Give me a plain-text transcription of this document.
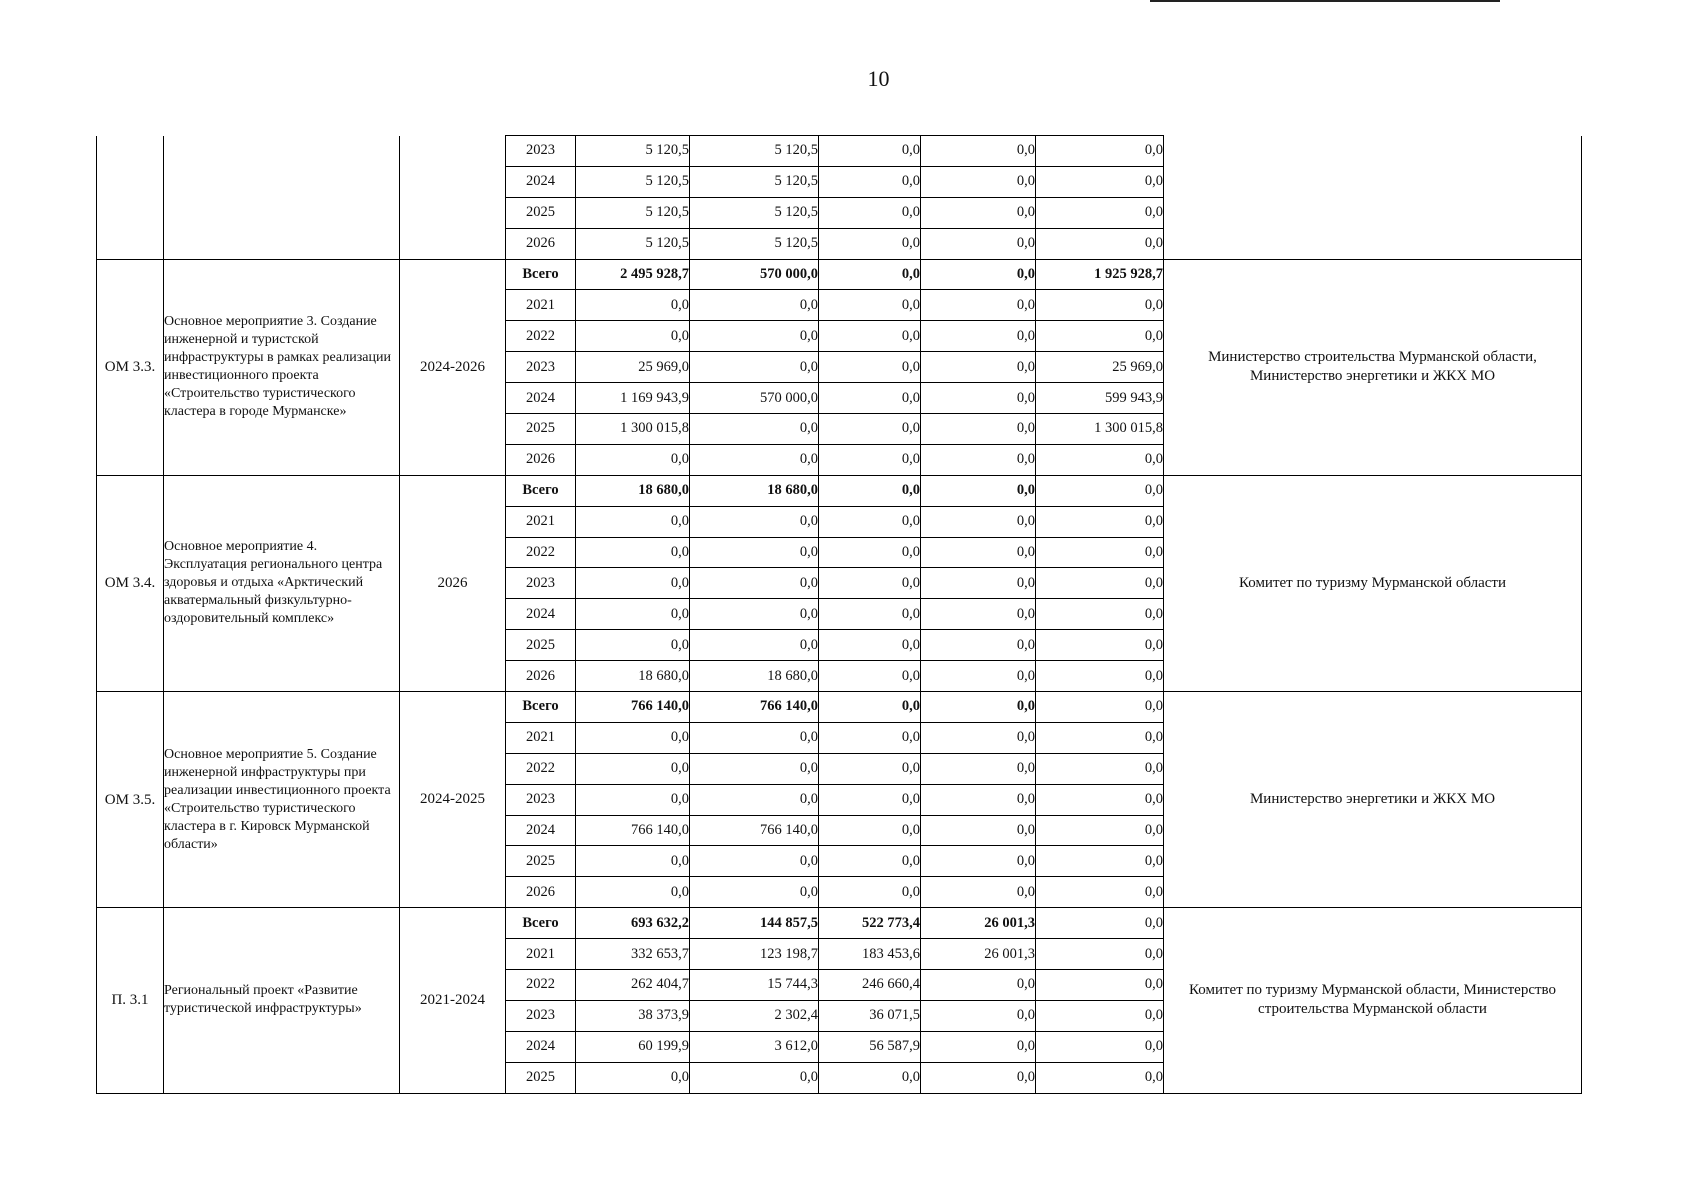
10
			2023	5 120,5	5 120,5	0,0	0,0	0,0	
			2024	5 120,5	5 120,5	0,0	0,0	0,0	
			2025	5 120,5	5 120,5	0,0	0,0	0,0	
			2026	5 120,5	5 120,5	0,0	0,0	0,0	
ОМ 3.3.	Основное мероприятие 3. Создание инженерной и туристской инфраструктуры в рамках реализации инвестиционного проекта «Строительство туристического кластера в городе Мурманске»	2024-2026	Всего	2 495 928,7	570 000,0	0,0	0,0	1 925 928,7	Министерство строительства Мурманской области, Министерство энергетики и ЖКХ МО
			2021	0,0	0,0	0,0	0,0	0,0	
			2022	0,0	0,0	0,0	0,0	0,0	
			2023	25 969,0	0,0	0,0	0,0	25 969,0	
			2024	1 169 943,9	570 000,0	0,0	0,0	599 943,9	
			2025	1 300 015,8	0,0	0,0	0,0	1 300 015,8	
			2026	0,0	0,0	0,0	0,0	0,0	
ОМ 3.4.	Основное мероприятие 4. Эксплуатация регионального центра здоровья и отдыха «Арктический акватермальный физкультурно-оздоровительный комплекс»	2026	Всего	18 680,0	18 680,0	0,0	0,0	0,0	Комитет по туризму Мурманской области
			2021	0,0	0,0	0,0	0,0	0,0	
			2022	0,0	0,0	0,0	0,0	0,0	
			2023	0,0	0,0	0,0	0,0	0,0	
			2024	0,0	0,0	0,0	0,0	0,0	
			2025	0,0	0,0	0,0	0,0	0,0	
			2026	18 680,0	18 680,0	0,0	0,0	0,0	
ОМ 3.5.	Основное мероприятие 5. Создание инженерной инфраструктуры при реализации инвестиционного проекта «Строительство туристического кластера в г. Кировск Мурманской области»	2024-2025	Всего	766 140,0	766 140,0	0,0	0,0	0,0	Министерство энергетики и ЖКХ МО
			2021	0,0	0,0	0,0	0,0	0,0	
			2022	0,0	0,0	0,0	0,0	0,0	
			2023	0,0	0,0	0,0	0,0	0,0	
			2024	766 140,0	766 140,0	0,0	0,0	0,0	
			2025	0,0	0,0	0,0	0,0	0,0	
			2026	0,0	0,0	0,0	0,0	0,0	
П. 3.1	Региональный проект «Развитие туристической инфраструктуры»	2021-2024	Всего	693 632,2	144 857,5	522 773,4	26 001,3	0,0	Комитет по туризму Мурманской области, Министерство строительства Мурманской области
			2021	332 653,7	123 198,7	183 453,6	26 001,3	0,0	
			2022	262 404,7	15 744,3	246 660,4	0,0	0,0	
			2023	38 373,9	2 302,4	36 071,5	0,0	0,0	
			2024	60 199,9	3 612,0	56 587,9	0,0	0,0	
			2025	0,0	0,0	0,0	0,0	0,0	
